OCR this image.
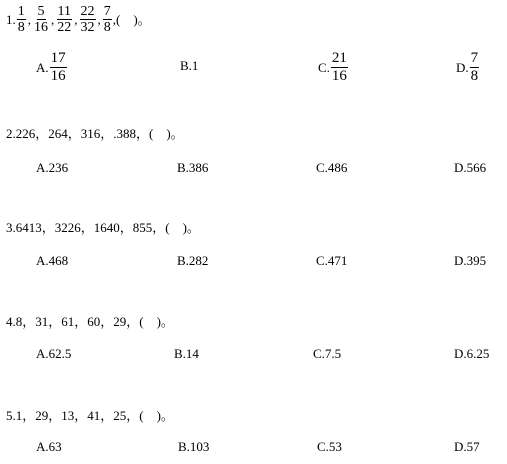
1. $\frac{1}{8}$ , $\frac{5}{16}$ , $\frac{11}{22}$ , $\frac{22}{32}$ , $\frac{7}{8}$ ,(　)。
A. $\frac{17}{16}$	B.1	C. $\frac{21}{16}$	D. $\frac{7}{8}$
2.226，264，316，.388，(　)。
A.236	B.386	C.486	D.566
3.6413，3226，1640，855，(　)。
A.468	B.282	C.471	D.395
4.8，31，61，60，29，(　)。
A.62.5	B.14	C.7.5	D.6.25
5.1，29，13，41，25，(　)。
A.63	B.103	C.53	D.57
